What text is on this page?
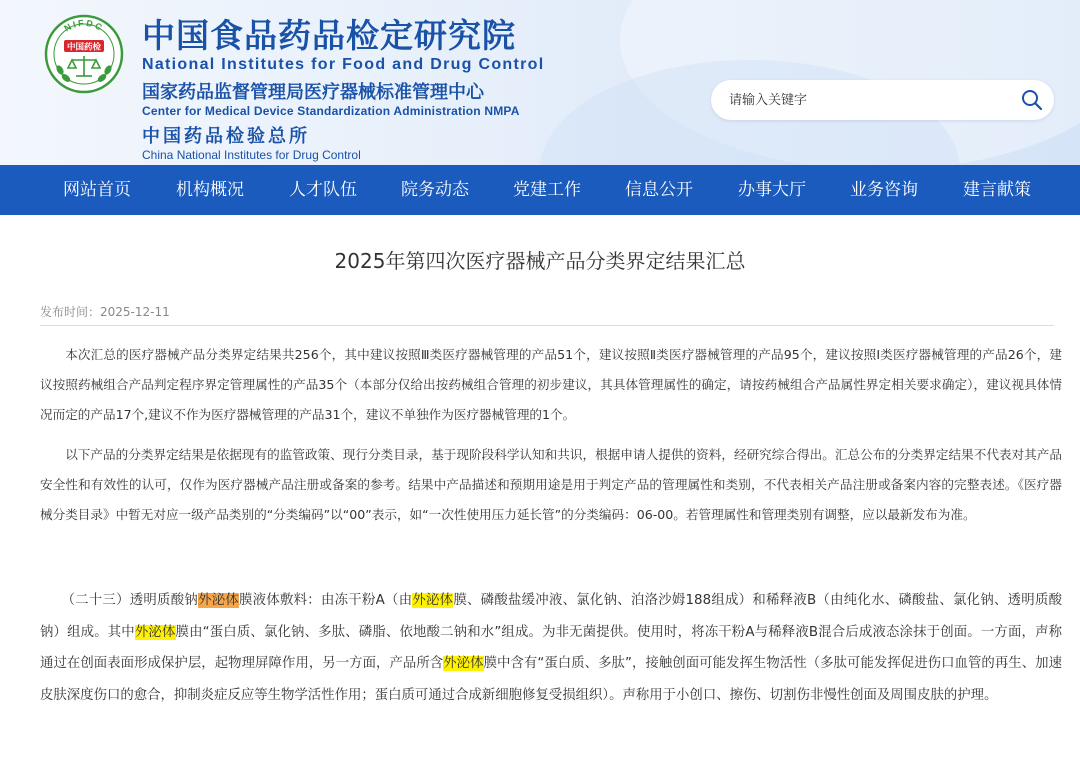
NIFDC
中国药检 中国食品药品检定研究院
National Institutes for Food and Drug Control
国家药品监督管理局医疗器械标准管理中心
Center for Medical Device Standardization Administration NMPA
中国药品检验总所
China National Institutes for Drug Control
请输入关键字
网站首页	机构概况	人才队伍	院务动态	党建工作	信息公开	办事大厅	业务咨询	建言献策
2025年第四次医疗器械产品分类界定结果汇总
发布时间：2025-12-11
本次汇总的医疗器械产品分类界定结果共256个，其中建议按照Ⅲ类医疗器械管理的产品51个，建议按照Ⅱ类医疗器械管理的产品95个，建议按照Ⅰ类医疗器械管理的产品26个，建议按照药械组合产品判定程序界定管理属性的产品35个（本部分仅给出按药械组合管理的初步建议，其具体管理属性的确定，请按药械组合产品属性界定相关要求确定），建议视具体情况而定的产品17个,建议不作为医疗器械管理的产品31个，建议不单独作为医疗器械管理的1个。
以下产品的分类界定结果是依据现有的监管政策、现行分类目录，基于现阶段科学认知和共识，根据申请人提供的资料，经研究综合得出。汇总公布的分类界定结果不代表对其产品安全性和有效性的认可，仅作为医疗器械产品注册或备案的参考。结果中产品描述和预期用途是用于判定产品的管理属性和类别，不代表相关产品注册或备案内容的完整表述。《医疗器械分类目录》中暂无对应一级产品类别的“分类编码”以“00”表示，如“一次性使用压力延长管”的分类编码：06-00。若管理属性和管理类别有调整，应以最新发布为准。
（二十三）透明质酸钠外泌体膜液体敷料：由冻干粉A（由外泌体膜、磷酸盐缓冲液、氯化钠、泊洛沙姆188组成）和稀释液B（由纯化水、磷酸盐、氯化钠、透明质酸钠）组成。其中外泌体膜由“蛋白质、氯化钠、多肽、磷脂、依地酸二钠和水”组成。为非无菌提供。使用时，将冻干粉A与稀释液B混合后成液态涂抹于创面。一方面，声称通过在创面表面形成保护层，起物理屏障作用，另一方面，产品所含外泌体膜中含有“蛋白质、多肽”，接触创面可能发挥生物活性（多肽可能发挥促进伤口血管的再生、加速皮肤深度伤口的愈合，抑制炎症反应等生物学活性作用；蛋白质可通过合成新细胞修复受损组织）。声称用于小创口、擦伤、切割伤非慢性创面及周围皮肤的护理。
